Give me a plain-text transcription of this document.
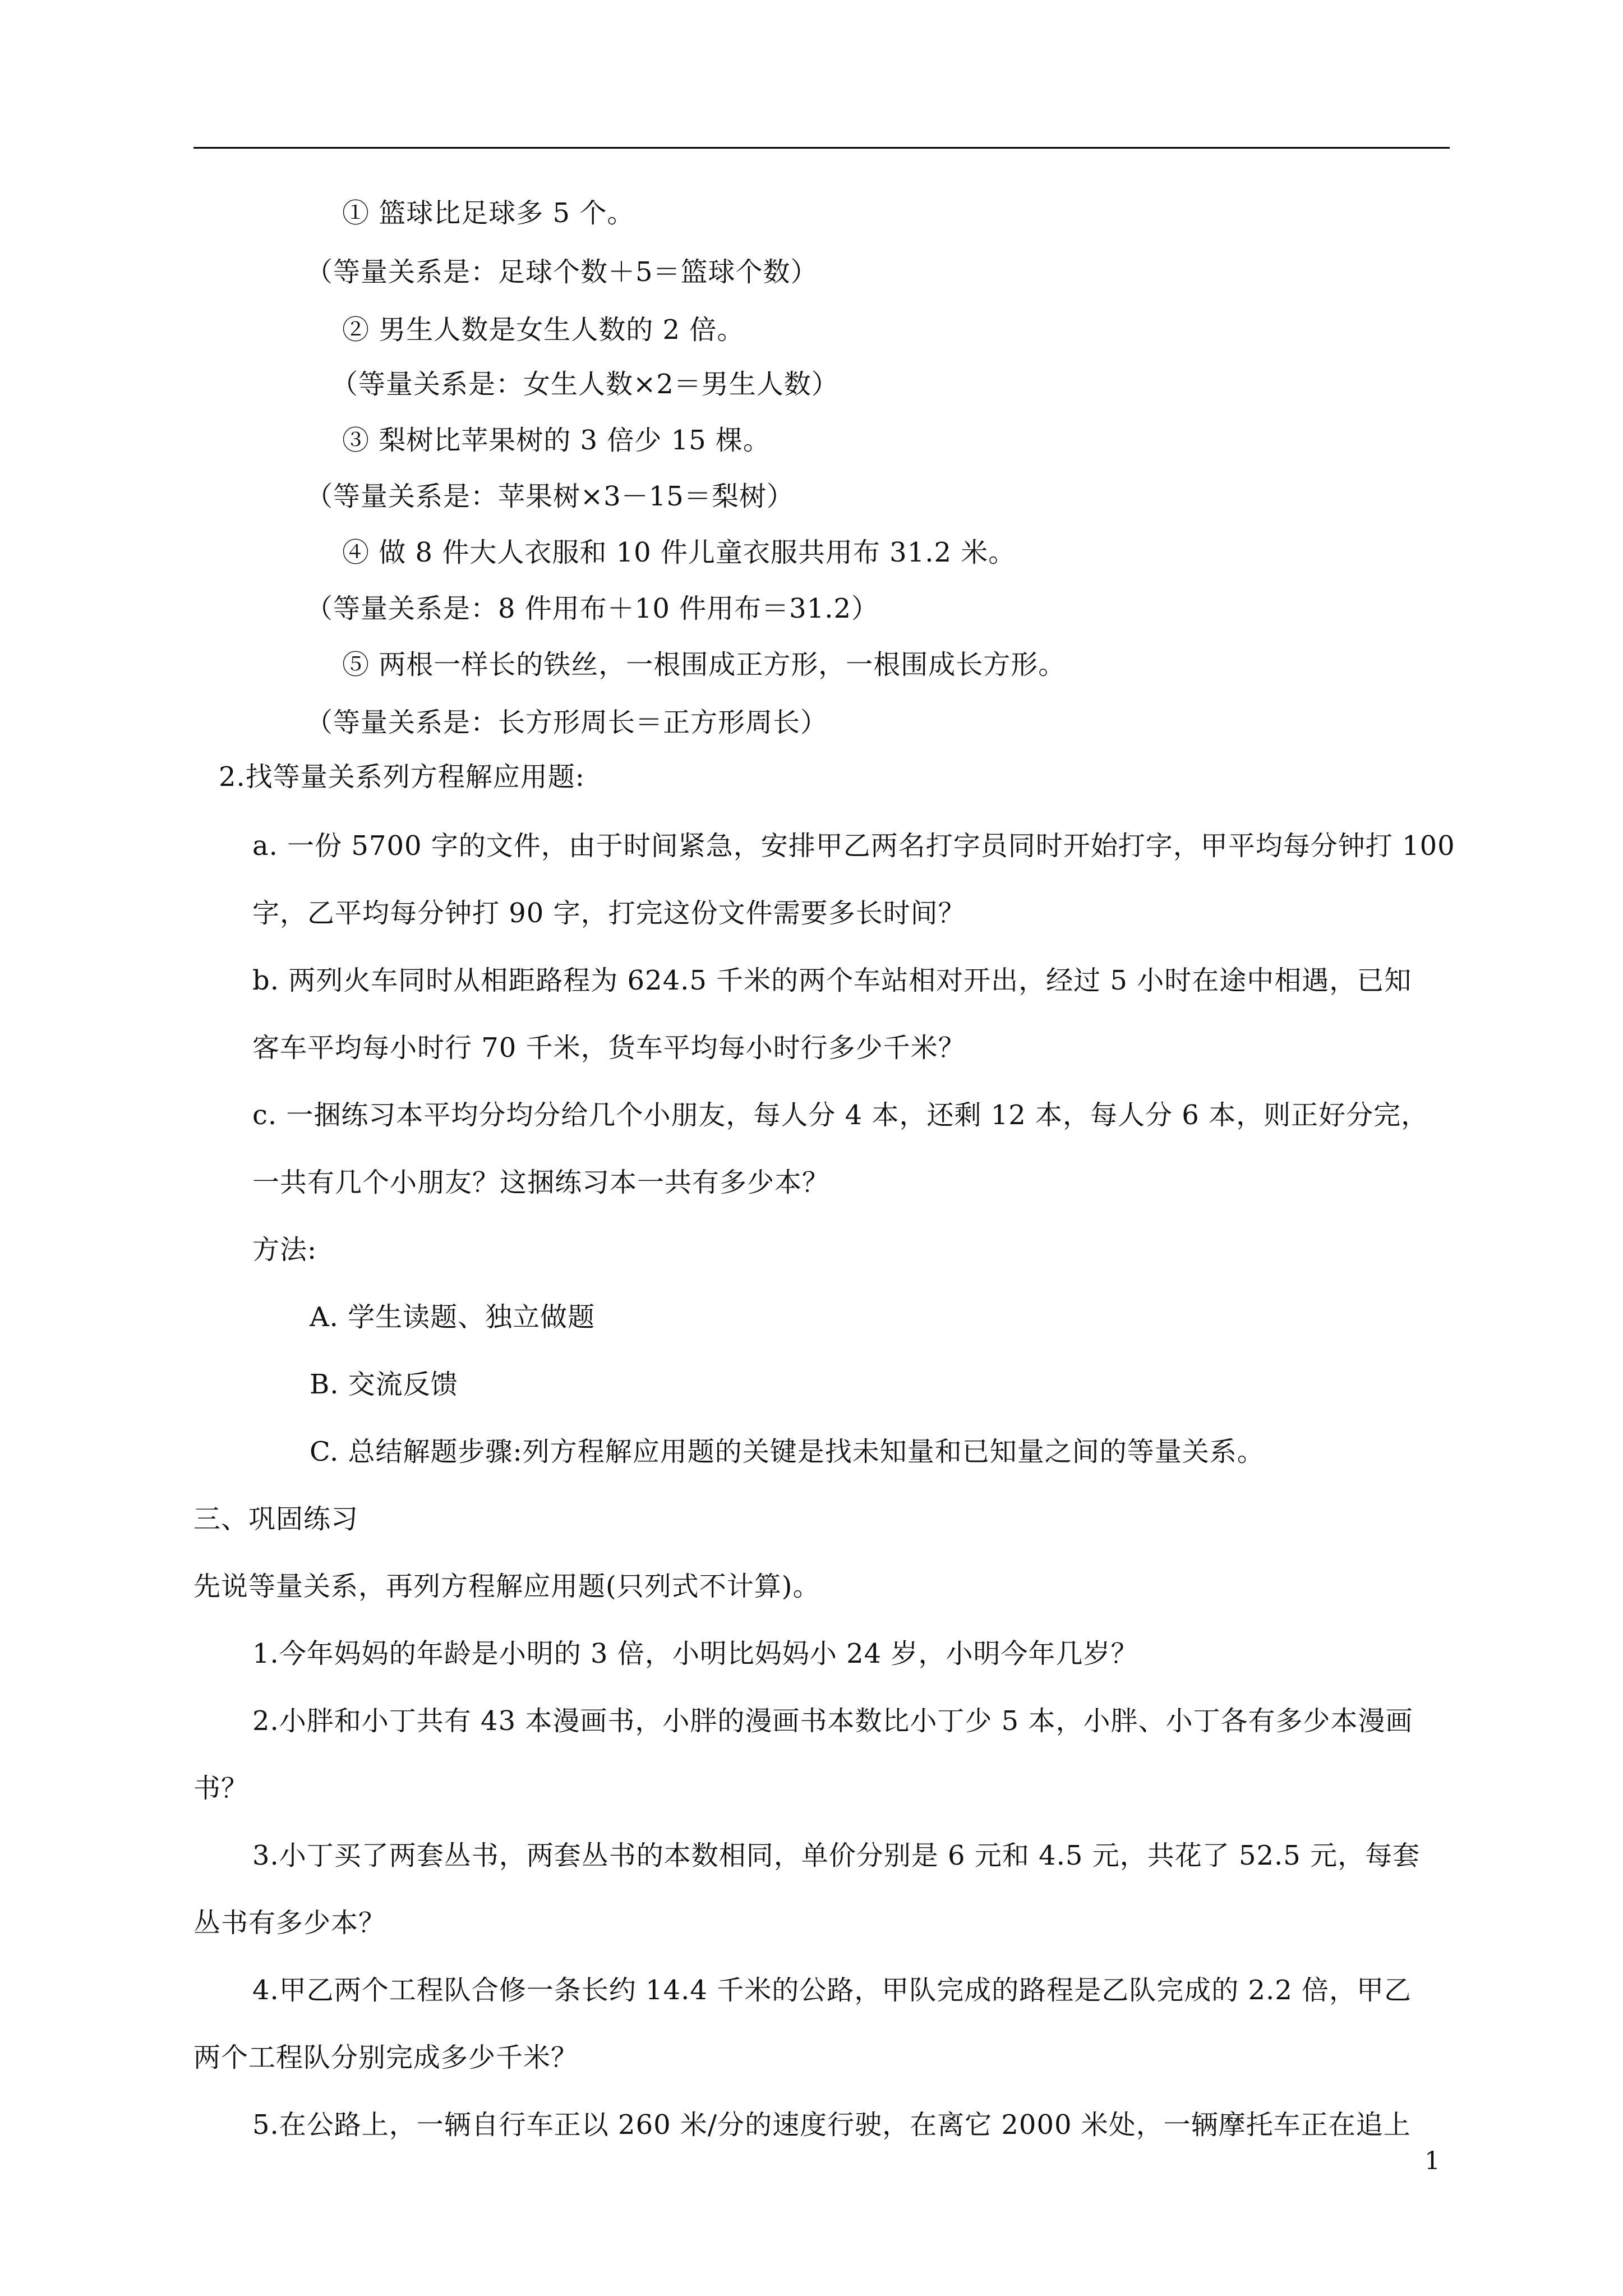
① 篮球比足球多 5 个。
（等量关系是：足球个数＋5＝篮球个数）
② 男生人数是女生人数的 2 倍。
（等量关系是：女生人数×2＝男生人数）
③ 梨树比苹果树的 3 倍少 15 棵。
（等量关系是：苹果树×3－15＝梨树）
④ 做 8 件大人衣服和 10 件儿童衣服共用布 31.2 米。
（等量关系是：8 件用布＋10 件用布＝31.2）
⑤ 两根一样长的铁丝，一根围成正方形，一根围成长方形。
（等量关系是：长方形周长＝正方形周长）
2.找等量关系列方程解应用题:
a. 一份 5700 字的文件，由于时间紧急，安排甲乙两名打字员同时开始打字，甲平均每分钟打 100
字，乙平均每分钟打 90 字，打完这份文件需要多长时间？
b. 两列火车同时从相距路程为 624.5 千米的两个车站相对开出，经过 5 小时在途中相遇，已知
客车平均每小时行 70 千米，货车平均每小时行多少千米？
c. 一捆练习本平均分均分给几个小朋友，每人分 4 本，还剩 12 本，每人分 6 本，则正好分完，
一共有几个小朋友？这捆练习本一共有多少本？
方法:
A. 学生读题、独立做题
B. 交流反馈
C. 总结解题步骤:列方程解应用题的关键是找未知量和已知量之间的等量关系。
三、巩固练习
先说等量关系，再列方程解应用题(只列式不计算)。
1.今年妈妈的年龄是小明的 3 倍，小明比妈妈小 24 岁，小明今年几岁？
2.小胖和小丁共有 43 本漫画书，小胖的漫画书本数比小丁少 5 本，小胖、小丁各有多少本漫画
书？
3.小丁买了两套丛书，两套丛书的本数相同，单价分别是 6 元和 4.5 元，共花了 52.5 元，每套
丛书有多少本？
4.甲乙两个工程队合修一条长约 14.4 千米的公路，甲队完成的路程是乙队完成的 2.2 倍，甲乙
两个工程队分别完成多少千米？
5.在公路上，一辆自行车正以 260 米/分的速度行驶，在离它 2000 米处，一辆摩托车正在追上
1
